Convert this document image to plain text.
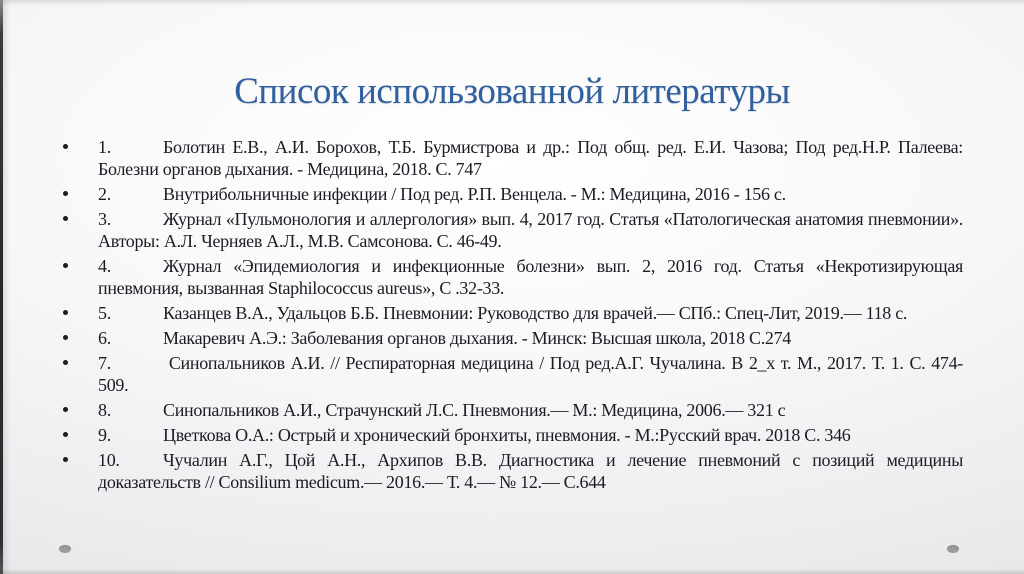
Список использованной литературы
1.	Болотин Е.В., А.И. Борохов, Т.Б. Бурмистрова и др.: Под общ. ред. Е.И. Чазова; Под ред.Н.Р. Палеева: Болезни органов дыхания. - Медицина, 2018. С. 747
2.	Внутрибольничные инфекции / Под ред. Р.П. Венцела. - М.: Медицина, 2016 - 156 с.
3.	Журнал «Пульмонология и аллергология» вып. 4, 2017 год. Статья «Патологическая анатомия пневмонии». Авторы: А.Л. Черняев А.Л., М.В. Самсонова. С. 46-49.
4.	Журнал «Эпидемиология и инфекционные болезни» вып. 2, 2016 год. Статья «Некротизирующая пневмония, вызванная Staphilococcus aureus», С .32-33.
5.	Казанцев В.А., Удальцов Б.Б. Пневмонии: Руководство для врачей.— СПб.: Спец-Лит, 2019.— 118 с.
6.	Макаревич А.Э.: Заболевания органов дыхания. - Минск: Высшая школа, 2018 С.274
7.	Синопальников А.И. // Респираторная медицина / Под ред.А.Г. Чучалина. В 2_х т. М., 2017. Т. 1. С. 474-509.
8.	Синопальников А.И., Страчунский Л.С. Пневмония.— М.: Медицина, 2006.— 321 с
9.	Цветкова О.А.: Острый и хронический бронхиты, пневмония. - М.:Русский врач. 2018 С. 346
10. Чучалин А.Г., Цой А.Н., Архипов В.В. Диагностика и лечение пневмоний с позиций медицины доказательств // Consilium medicum.— 2016.— Т. 4.— № 12.— С.644
